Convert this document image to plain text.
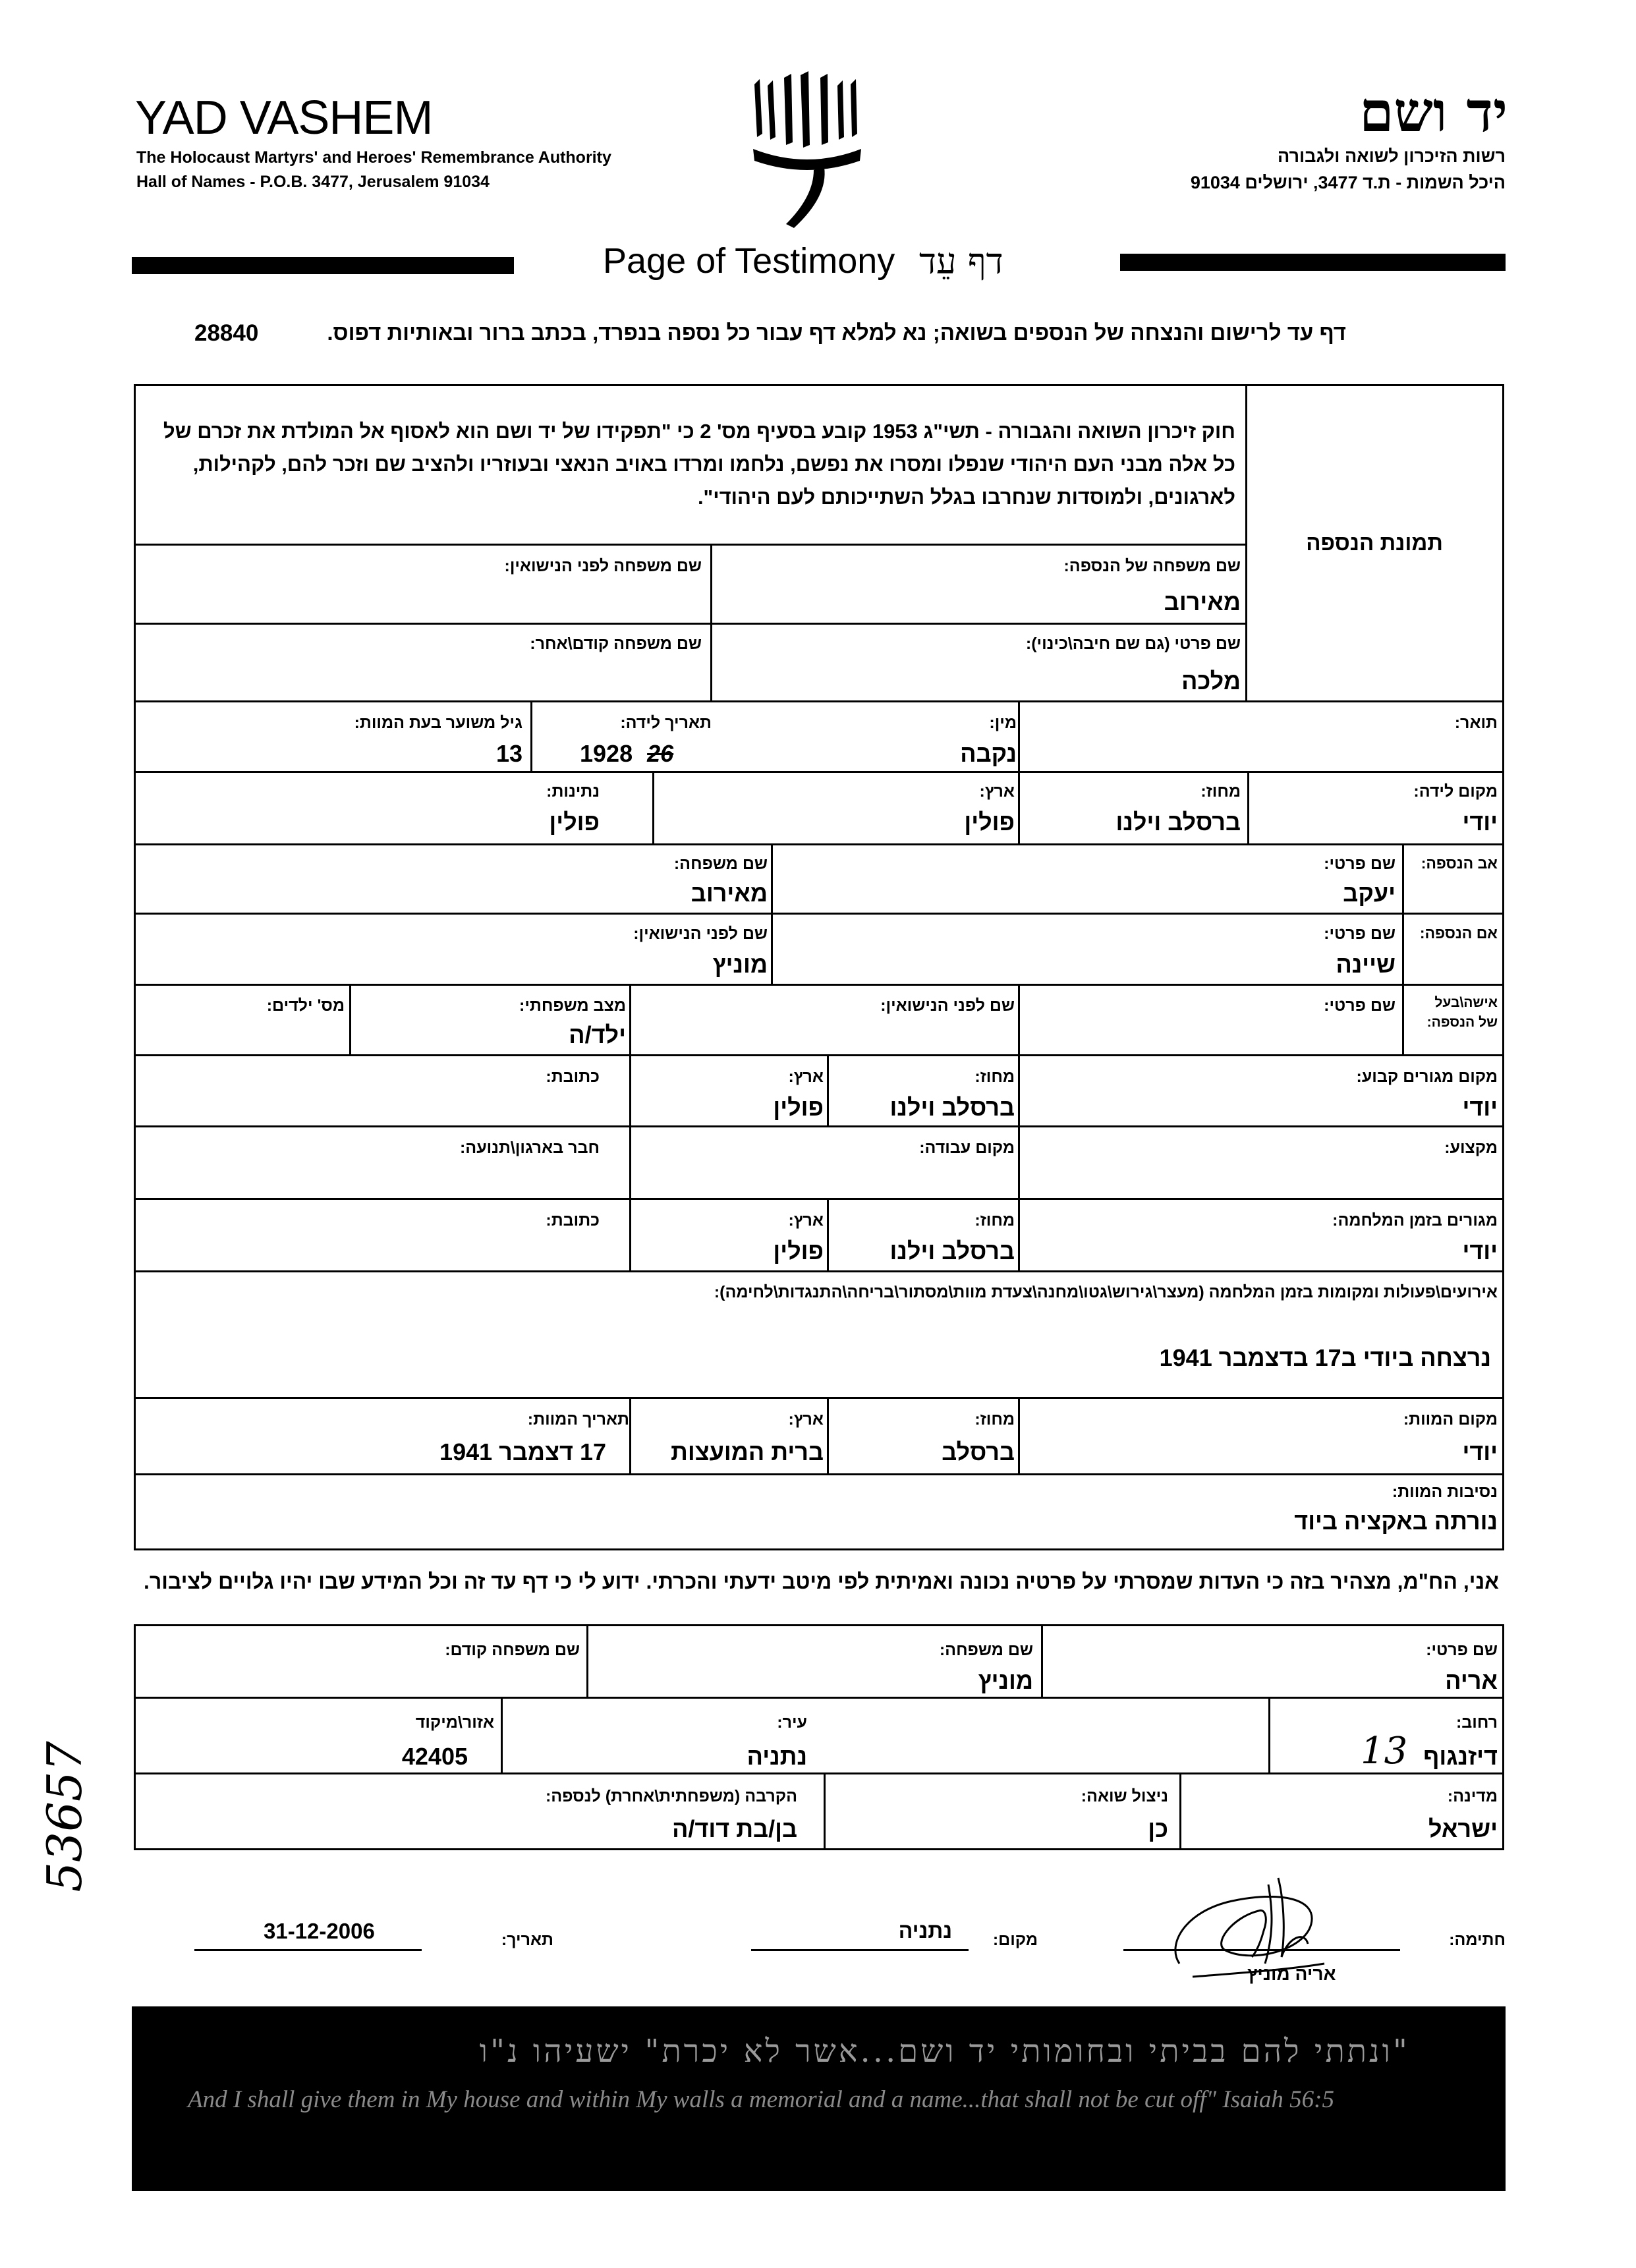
YAD VASHEM
The Holocaust Martyrs' and Heroes' Remembrance Authority
Hall of Names - P.O.B. 3477, Jerusalem 91034
יד ושם
רשות הזיכרון לשואה ולגבורה
היכל השמות - ת.ד 3477, ירושלים 91034
Page of Testimony דף עֵד
דף עד לרישום והנצחה של הנספים בשואה; נא למלא דף עבור כל נספה בנפרד, בכתב ברור ובאותיות דפוס.
28840
חוק זיכרון השואה והגבורה - תשי"ג 1953 קובע בסעיף מס' 2 כי "תפקידו של יד ושם הוא לאסוף אל המולדת את זכרם של
כל אלה מבני העם היהודי שנפלו ומסרו את נפשם, נלחמו ומרדו באויב הנאצי ובעוזריו ולהציב שם וזכר להם, לקהילות,
לארגונים, ולמוסדות שנחרבו בגלל השתייכותם לעם היהודי".
תמונת הנספה
שם משפחה של הנספה:
מאירוב
שם משפחה לפני הנישואין:
שם פרטי (גם שם חיבה\כינוי):
מלכה
שם משפחה קודם\אחר:
תואר:
מין:
נקבה
תאריך לידה:
1928 26
גיל משוער בעת המוות:
13
מקום לידה:
יודי
מחוז:
ברסלב וילנו
ארץ:
פולין
נתינות:
פולין
אב הנספה:
שם פרטי:
יעקב
שם משפחה:
מאירוב
אם הנספה:
שם פרטי:
שיינה
שם לפני הנישואין:
מוניץ
אישה\בעל
של הנספה:
שם פרטי:
שם לפני הנישואין:
מצב משפחתי:
ילד/ה
מס' ילדים:
מקום מגורים קבוע:
יודי
מחוז:
ברסלב וילנו
ארץ:
פולין
כתובת:
מקצוע:
מקום עבודה:
חבר בארגון\תנועה:
מגורים בזמן המלחמה:
יודי
מחוז:
ברסלב וילנו
ארץ:
פולין
כתובת:
אירועים\פעולות ומקומות בזמן המלחמה (מעצר\גירוש\גטו\מחנה\צעדת מוות\מסתור\בריחה\התנגדות\לחימה):
נרצחה ביודי ב17 בדצמבר 1941
מקום המוות:
יודי
מחוז:
ברסלב
ארץ:
ברית המועצות
תאריך המוות:
17 דצמבר 1941
נסיבות המוות:
נורתה באקציה ביוד
אני, הח"מ, מצהיר בזה כי העדות שמסרתי על פרטיה נכונה ואמיתית לפי מיטב ידעתי והכרתי. ידוע לי כי דף עד זה וכל המידע שבו יהיו גלויים לציבור.
שם פרטי:
אריה
שם משפחה:
מוניץ
שם משפחה קודם:
רחוב:
דיזנגוף
13
עיר:
נתניה
אזור\מיקוד
42405
מדינה:
ישראל
ניצול שואה:
כן
הקרבה (משפחתית\אחרת) לנספה:
בן/בת דוד/ה
חתימה:
אריה מוניץ
מקום:
נתניה
תאריך:
31-12-2006
"ונתתי להם בביתי ובחומותי יד ושם...אשר לא יכרת" ישעיהו נ"ו
And I shall give them in My house and within My walls a memorial and a name...that shall not be cut off" Isaiah 56:5
53657
